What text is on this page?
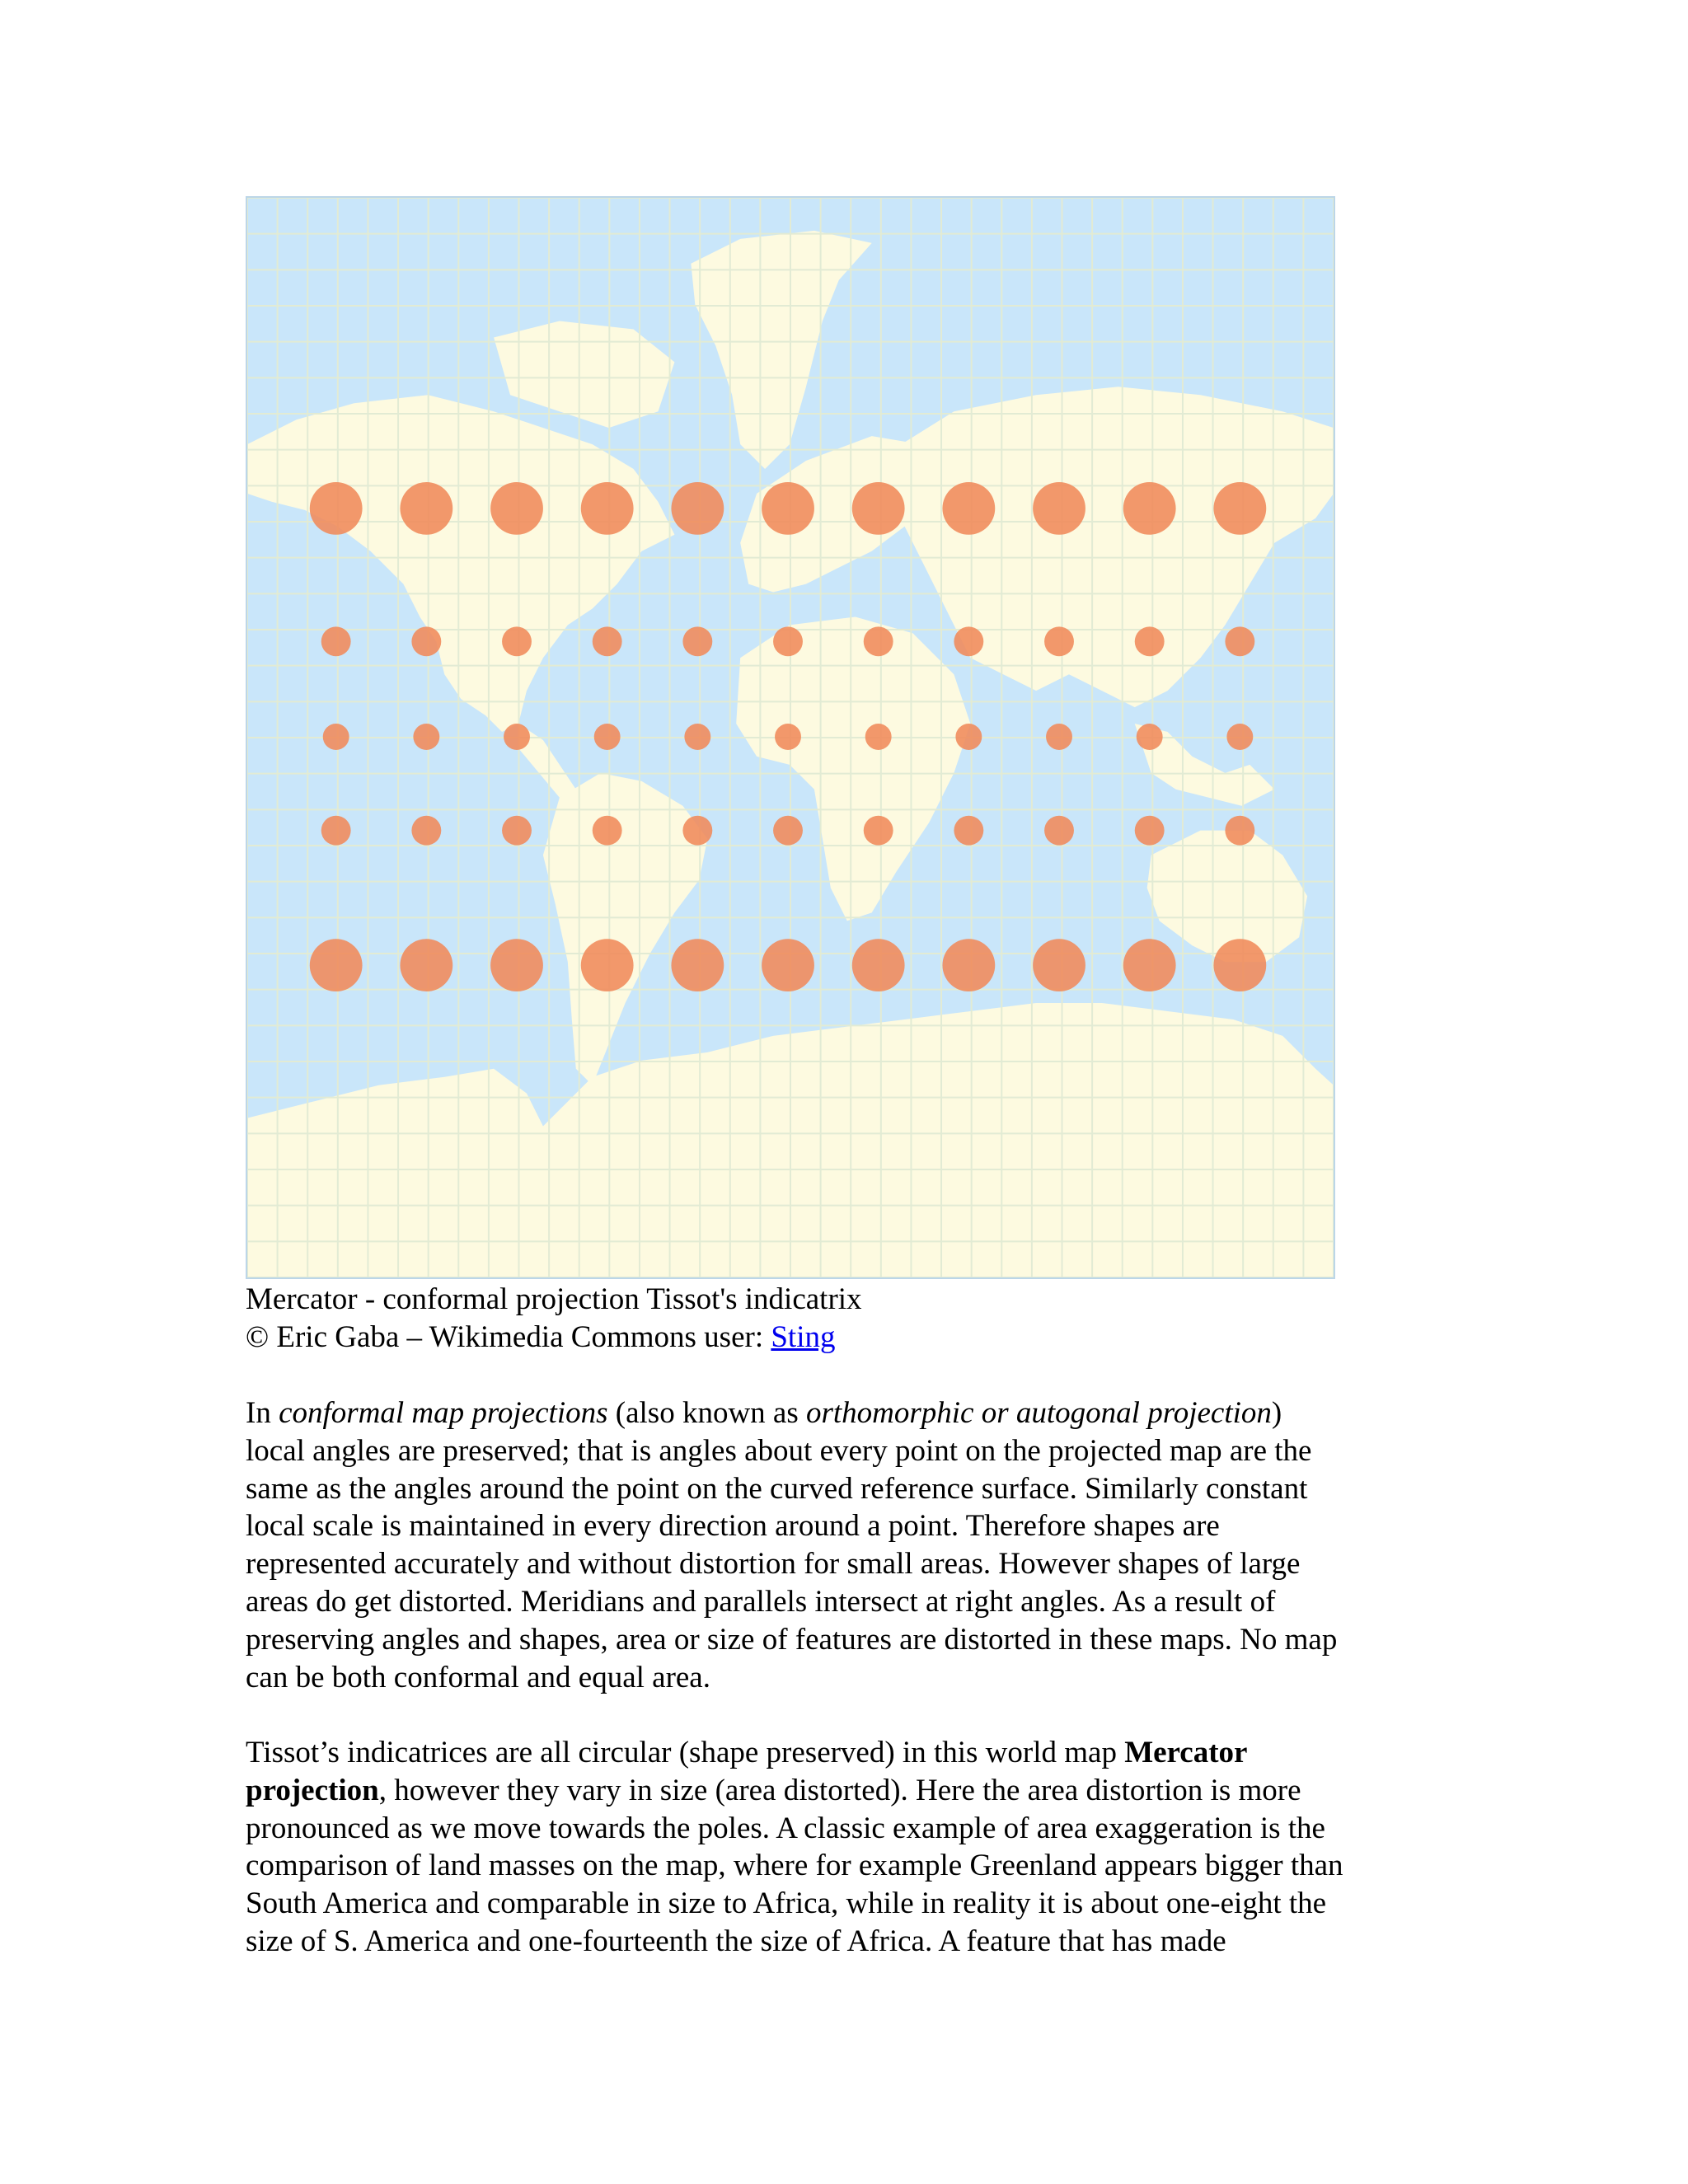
Mercator - conformal projection Tissot's indicatrix
© Eric Gaba – Wikimedia Commons user: Sting
In conformal map projections (also known as orthomorphic or autogonal projection)
local angles are preserved; that is angles about every point on the projected map are the
same as the angles around the point on the curved reference surface. Similarly constant
local scale is maintained in every direction around a point. Therefore shapes are
represented accurately and without distortion for small areas. However shapes of large
areas do get distorted. Meridians and parallels intersect at right angles. As a result of
preserving angles and shapes, area or size of features are distorted in these maps. No map
can be both conformal and equal area.
Tissot’s indicatrices are all circular (shape preserved) in this world map Mercator
projection, however they vary in size (area distorted). Here the area distortion is more
pronounced as we move towards the poles. A classic example of area exaggeration is the
comparison of land masses on the map, where for example Greenland appears bigger than
South America and comparable in size to Africa, while in reality it is about one-eight the
size of S. America and one-fourteenth the size of Africa. A feature that has made
